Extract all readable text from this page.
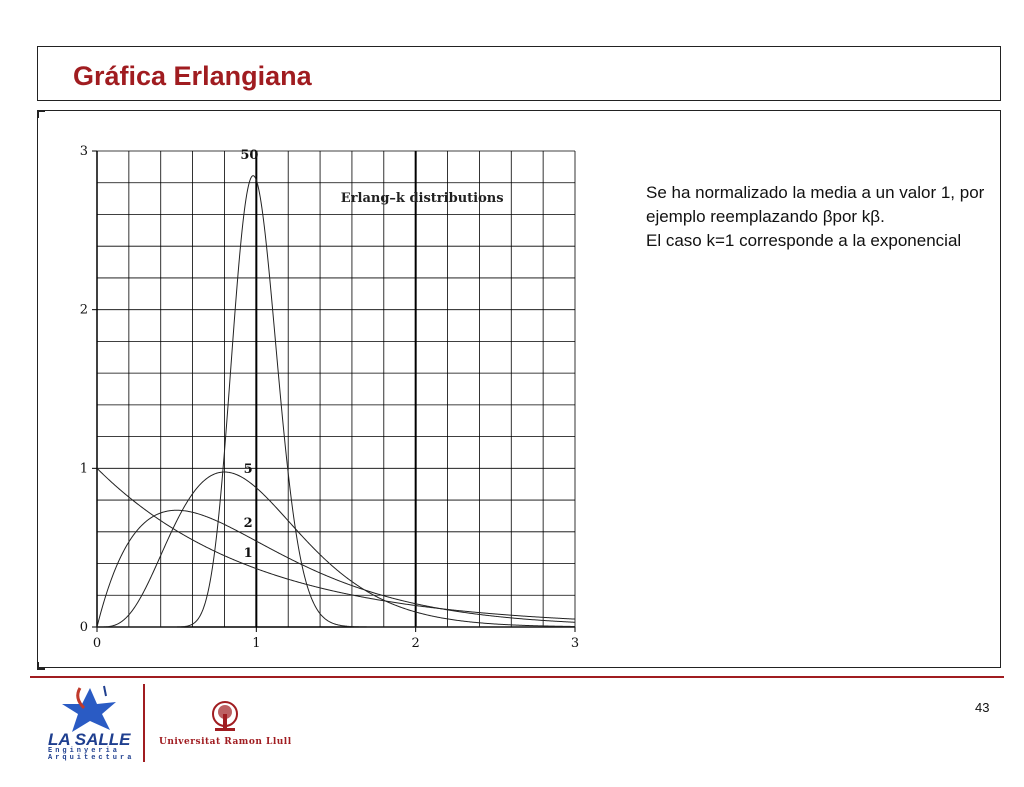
Gráfica Erlangiana
0	1	2	3
0
1
2
3
1
2
5
50
Erlang–k distributions	Se ha normalizado la media a un valor 1, por ejemplo reemplazando βpor kβ.

El caso k=1 corresponde a la exponencial

LA SALLE
Enginyeria
Arquitectura
Universitat Ramon Llull
43
